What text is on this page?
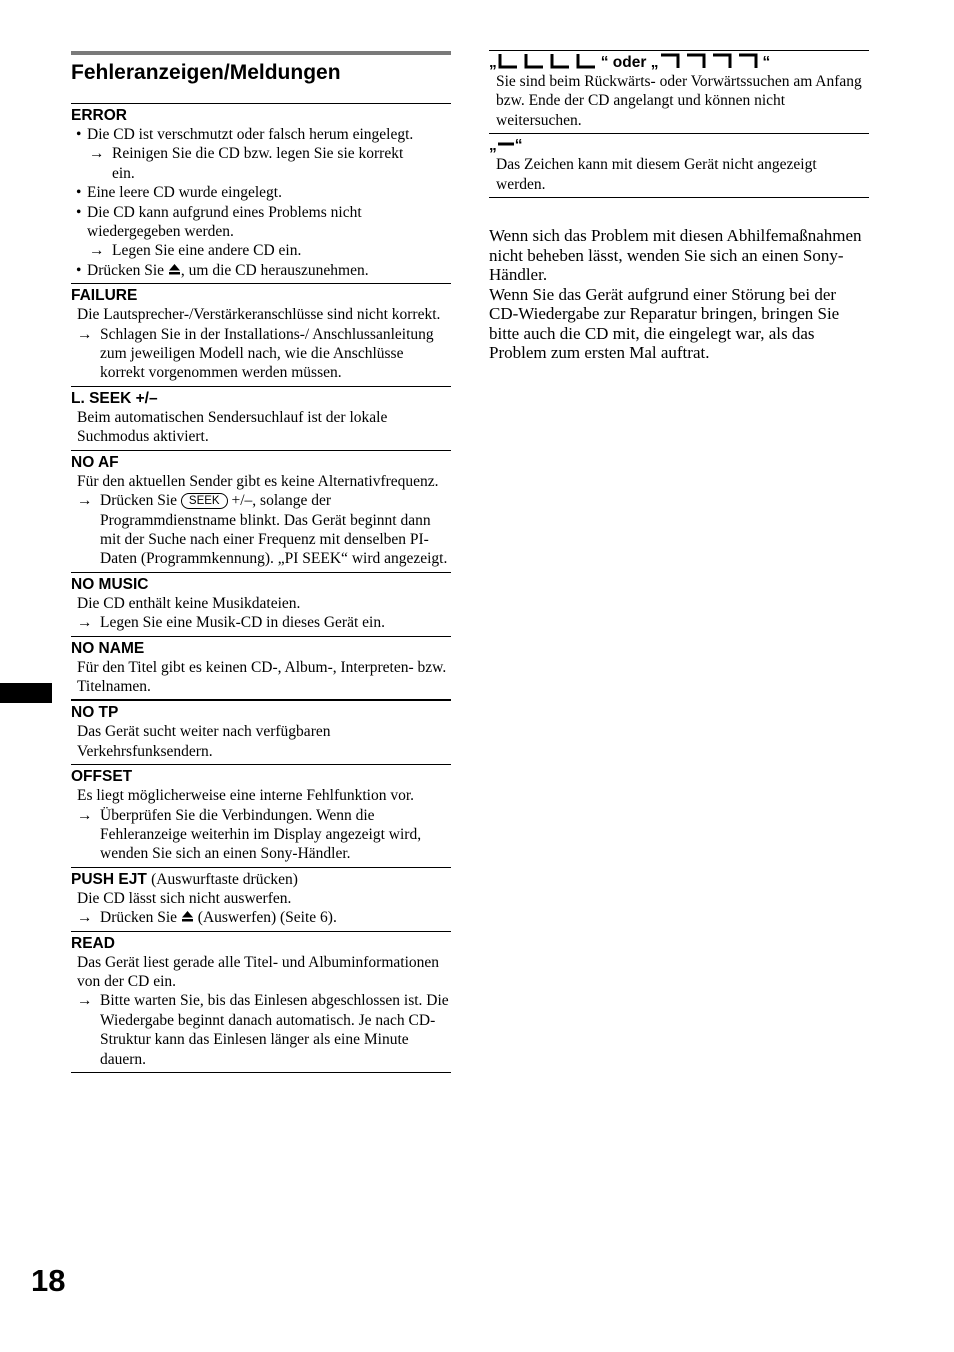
Fehleranzeigen/Meldungen
ERROR
• Die CD ist verschmutzt oder falsch herum eingelegt.
→ Reinigen Sie die CD bzw. legen Sie sie korrekt
ein.
• Eine leere CD wurde eingelegt.
• Die CD kann aufgrund eines Problems nicht
wiedergegeben werden.
→ Legen Sie eine andere CD ein.
• Drücken Sie , um die CD herauszunehmen.
FAILURE
Die Lautsprecher-/Verstärkeranschlüsse sind nicht korrekt.
→ Schlagen Sie in der Installations-/ Anschlussanleitung zum jeweiligen Modell nach, wie die Anschlüsse korrekt vorgenommen werden müssen.
L. SEEK +/–
Beim automatischen Sendersuchlauf ist der lokale Suchmodus aktiviert.
NO AF
Für den aktuellen Sender gibt es keine Alternativfrequenz.
→ Drücken Sie SEEK +/–, solange der Programmdienstname blinkt. Das Gerät beginnt dann mit der Suche nach einer Frequenz mit denselben PI-Daten (Programmkennung). „PI SEEK“ wird angezeigt.
NO MUSIC
Die CD enthält keine Musikdateien.
→ Legen Sie eine Musik-CD in dieses Gerät ein.
NO NAME
Für den Titel gibt es keinen CD-, Album-, Interpreten- bzw. Titelnamen.
NO TP
Das Gerät sucht weiter nach verfügbaren Verkehrsfunksendern.
OFFSET
Es liegt möglicherweise eine interne Fehlfunktion vor.
→ Überprüfen Sie die Verbindungen. Wenn die Fehleranzeige weiterhin im Display angezeigt wird, wenden Sie sich an einen Sony-Händler.
PUSH EJT (Auswurftaste drücken)
Die CD lässt sich nicht auswerfen.
→ Drücken Sie (Auswerfen) (Seite 6).
READ
Das Gerät liest gerade alle Titel- und Albuminformationen von der CD ein.
→ Bitte warten Sie, bis das Einlesen abgeschlossen ist. Die Wiedergabe beginnt danach automatisch. Je nach CD-Struktur kann das Einlesen länger als eine Minute dauern.
„	“ oder „	“
Sie sind beim Rückwärts- oder Vorwärtssuchen am Anfang bzw. Ende der CD angelangt und können nicht weitersuchen.
„ “
Das Zeichen kann mit diesem Gerät nicht angezeigt werden.
Wenn sich das Problem mit diesen Abhilfemaßnahmen nicht beheben lässt, wenden Sie sich an einen Sony-Händler.
Wenn Sie das Gerät aufgrund einer Störung bei der CD-Wiedergabe zur Reparatur bringen, bringen Sie bitte auch die CD mit, die eingelegt war, als das Problem zum ersten Mal auftrat.
18
